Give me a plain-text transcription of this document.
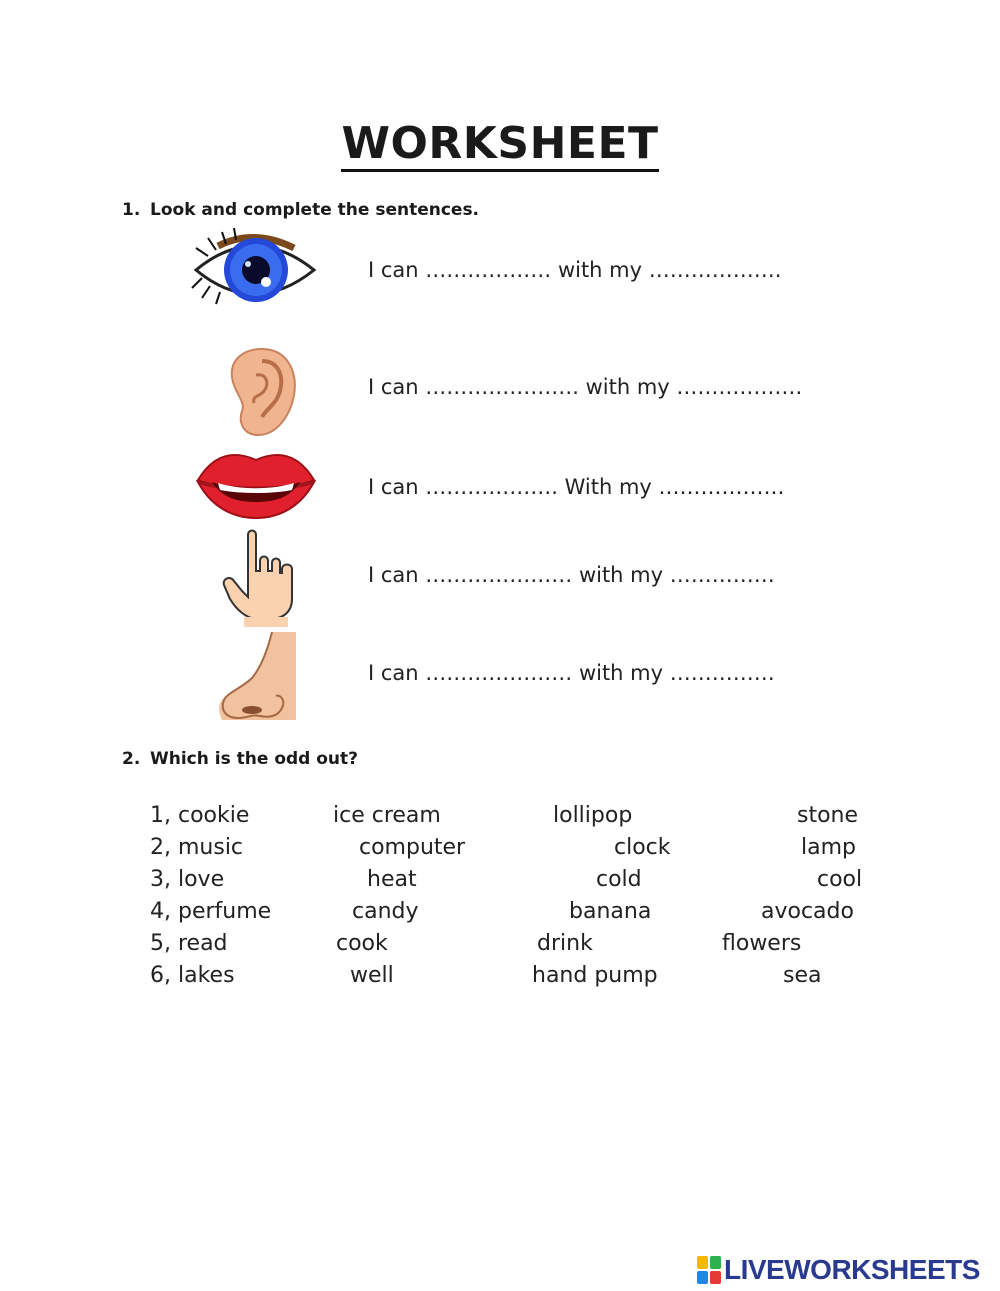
WORKSHEET
1. Look and complete the sentences.
I can ……………… with my ……………….
I can …………………. with my ………………
I can ………………. With my ………………
I can ………………… with my ……………
I can ………………… with my ……………
2. Which is the odd out?
1, cookie	ice cream	lollipop	stone
2, music	computer	clock	lamp
3, love	heat	cold	cool
4, perfume	candy	banana	avocado
5, read	cook	drink	flowers
6, lakes	well	hand pump	sea
LIVEWORKSHEETS
